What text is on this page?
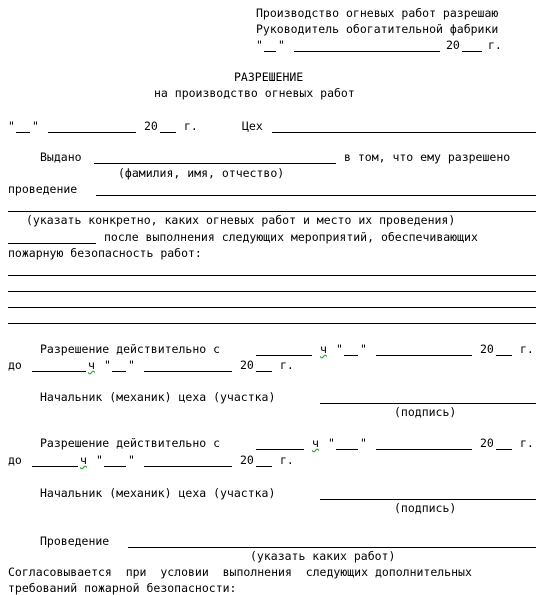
Производство огневых работ разрешаю
Руководитель обогатительной фабрики
" "	20 г.
РАЗРЕШЕНИЕ
на производство огневых работ
" "	20 г.	Цех
Выдано	в том, что ему разрешено
(фамилия, имя, отчество)
проведение
(указать конкретно, каких огневых работ и место их проведения)
после выполнения следующих мероприятий, обеспечивающих
пожарную безопасность работ:
Разрешение действительно с	ч " "	20 г.
до	ч " "	20 г.
Начальник (механик) цеха (участка)
(подпись)
Разрешение действительно с	ч " "	20 г.
до	ч " "	20 г.
Начальник (механик) цеха (участка)
(подпись)
Проведение
(указать каких работ)
Согласовывается  при  условии  выполнения  следующих дополнительных
требований пожарной безопасности:
